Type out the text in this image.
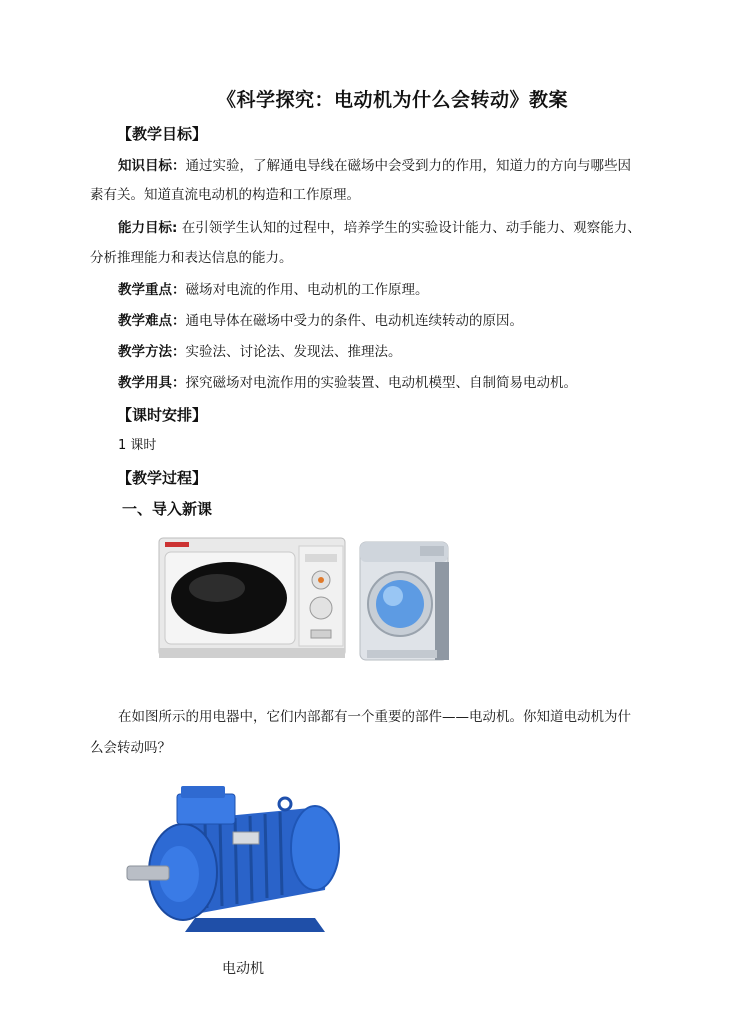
《科学探究：电动机为什么会转动》教案
【教学目标】
知识目标：通过实验，了解通电导线在磁场中会受到力的作用，知道力的方向与哪些因
素有关。知道直流电动机的构造和工作原理。
能力目标: 在引领学生认知的过程中，培养学生的实验设计能力、动手能力、观察能力、
分析推理能力和表达信息的能力。
教学重点：磁场对电流的作用、电动机的工作原理。
教学难点：通电导体在磁场中受力的条件、电动机连续转动的原因。
教学方法：实验法、讨论法、发现法、推理法。
教学用具：探究磁场对电流作用的实验装置、电动机模型、自制简易电动机。
【课时安排】
1 课时
【教学过程】
一、导入新课
在如图所示的用电器中，它们内部都有一个重要的部件——电动机。你知道电动机为什
么会转动吗？
电动机
